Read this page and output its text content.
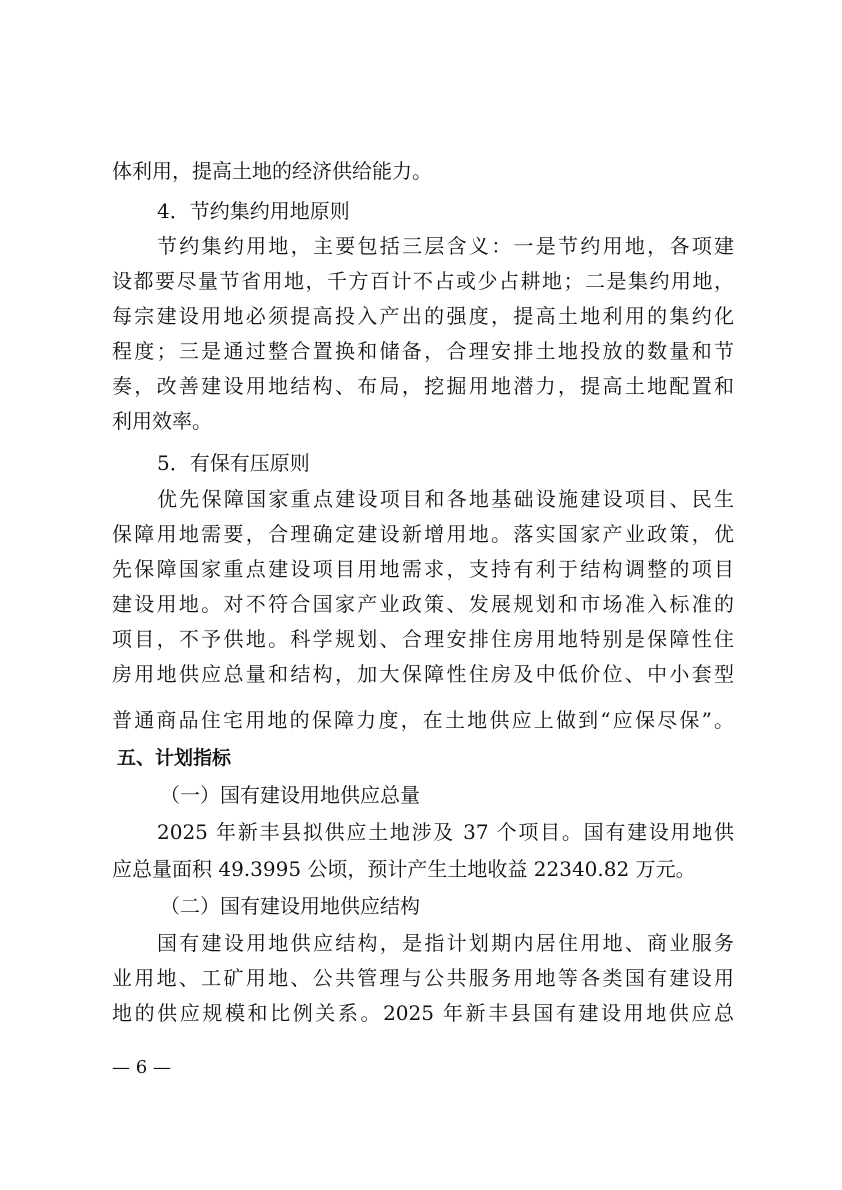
体利用，提高土地的经济供给能力。
4．节约集约用地原则
节约集约用地，主要包括三层含义：一是节约用地，各项建
设都要尽量节省用地，千方百计不占或少占耕地；二是集约用地，
每宗建设用地必须提高投入产出的强度，提高土地利用的集约化
程度；三是通过整合置换和储备，合理安排土地投放的数量和节
奏，改善建设用地结构、布局，挖掘用地潜力，提高土地配置和
利用效率。
5．有保有压原则
优先保障国家重点建设项目和各地基础设施建设项目、民生
保障用地需要，合理确定建设新增用地。落实国家产业政策，优
先保障国家重点建设项目用地需求，支持有利于结构调整的项目
建设用地。对不符合国家产业政策、发展规划和市场准入标准的
项目，不予供地。科学规划、合理安排住房用地特别是保障性住
房用地供应总量和结构，加大保障性住房及中低价位、中小套型
普通商品住宅用地的保障力度，在土地供应上做到“应保尽保”。
五、计划指标
（一）国有建设用地供应总量
2025 年新丰县拟供应土地涉及 37 个项目。国有建设用地供
应总量面积 49.3995 公顷，预计产生土地收益 22340.82 万元。
（二）国有建设用地供应结构
国有建设用地供应结构，是指计划期内居住用地、商业服务
业用地、工矿用地、公共管理与公共服务用地等各类国有建设用
地的供应规模和比例关系。2025 年新丰县国有建设用地供应总
— 6 —
